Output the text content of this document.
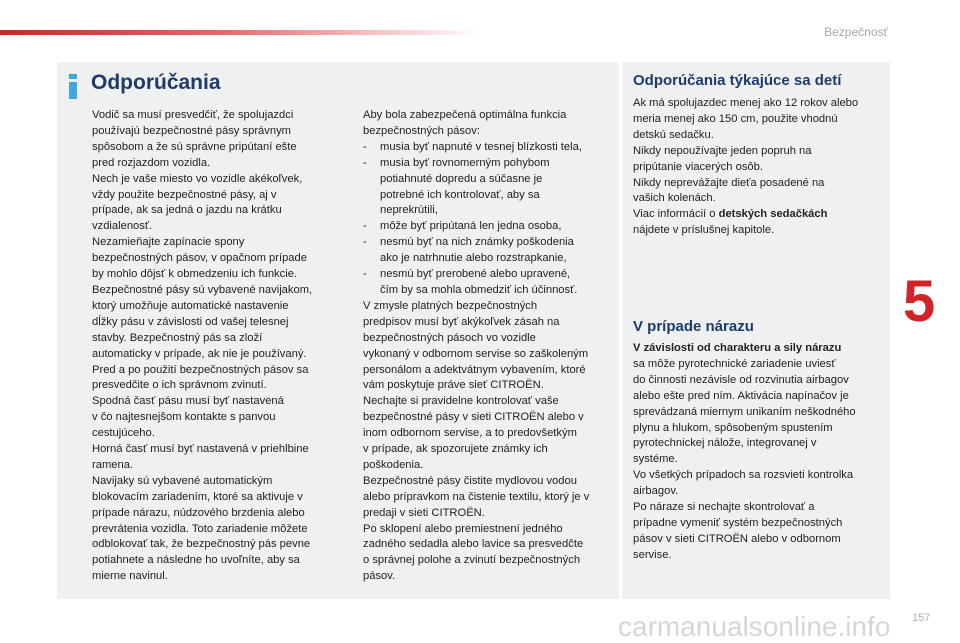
Bezpečnosť
5
Odporúčania

Vodič sa musí presvedčiť, že spolujazdci

používajú bezpečnostné pásy správnym

spôsobom a že sú správne pripútaní ešte

pred rozjazdom vozidla.

Nech je vaše miesto vo vozidle akékoľvek,

vždy použite bezpečnostné pásy, aj v

prípade, ak sa jedná o jazdu na krátku

vzdialenosť.

Nezamieňajte zapínacie spony

bezpečnostných pásov, v opačnom prípade

by mohlo dôjsť k obmedzeniu ich funkcie.

Bezpečnostné pásy sú vybavené navijakom,

ktorý umožňuje automatické nastavenie

dĺžky pásu v závislosti od vašej telesnej

stavby. Bezpečnostný pás sa zloží

automaticky v prípade, ak nie je používaný.

Pred a po použití bezpečnostných pásov sa

presvedčite o ich správnom zvinutí.

Spodná časť pásu musí byť nastavená

v čo najtesnejšom kontakte s panvou

cestujúceho.

Horná časť musí byť nastavená v priehlbine

ramena.

Navijaky sú vybavené automatickým

blokovacím zariadením, ktoré sa aktivuje v

prípade nárazu, núdzového brzdenia alebo

prevrátenia vozidla. Toto zariadenie môžete

odblokovať tak, že bezpečnostný pás pevne

potiahnete a následne ho uvoľníte, aby sa

mierne navinul.

Aby bola zabezpečená optimálna funkcia

bezpečnostných pásov:

-	musia byť napnuté v tesnej blízkosti tela,
-	musia byť rovnomerným pohybom
potiahnuté dopredu a súčasne je
potrebné ich kontrolovať, aby sa
neprekrútili,
-	môže byť pripútaná len jedna osoba,
-	nesmú byť na nich známky poškodenia
ako je natrhnutie alebo rozstrapkanie,
-	nesmú byť prerobené alebo upravené,
čím by sa mohla obmedziť ich účinnosť.

V zmysle platných bezpečnostných

predpisov musí byť akýkoľvek zásah na

bezpečnostných pásoch vo vozidle

vykonaný v odbornom servise so zaškoleným

personálom a adektvátnym vybavením, ktoré

vám poskytuje práve sieť CITROËN.

Nechajte si pravidelne kontrolovať vaše

bezpečnostné pásy v sieti CITROËN alebo v

inom odbornom servise, a to predovšetkým

v prípade, ak spozorujete známky ich

poškodenia.

Bezpečnostné pásy čistite mydlovou vodou

alebo prípravkom na čistenie textilu, ktorý je v

predaji v sieti CITROËN.

Po sklopení alebo premiestnení jedného

zadného sedadla alebo lavice sa presvedčte

o správnej polohe a zvinutí bezpečnostných

pásov.

Odporúčania týkajúce sa detí

Ak má spolujazdec menej ako 12 rokov alebo

meria menej ako 150 cm, použite vhodnú

detskú sedačku.

Nikdy nepoužívajte jeden popruh na

pripútanie viacerých osôb.

Nikdy neprevážajte dieťa posadené na

vašich kolenách.

Viac informácií o detských sedačkách

nájdete v príslušnej kapitole.

V prípade nárazu

V závislosti od charakteru a sily nárazu

sa môže pyrotechnické zariadenie uviesť

do činnosti nezávisle od rozvinutia airbagov

alebo ešte pred ním. Aktivácia napínačov je

sprevádzaná miernym unikaním neškodného

plynu a hlukom, spôsobeným spustením

pyrotechnickej nálože, integrovanej v

systéme.

Vo všetkých prípadoch sa rozsvieti kontrolka

airbagov.

Po náraze si nechajte skontrolovať a

prípadne vymeniť systém bezpečnostných

pásov v sieti CITROËN alebo v odbornom

servise.

carmanualsonline.info 157
